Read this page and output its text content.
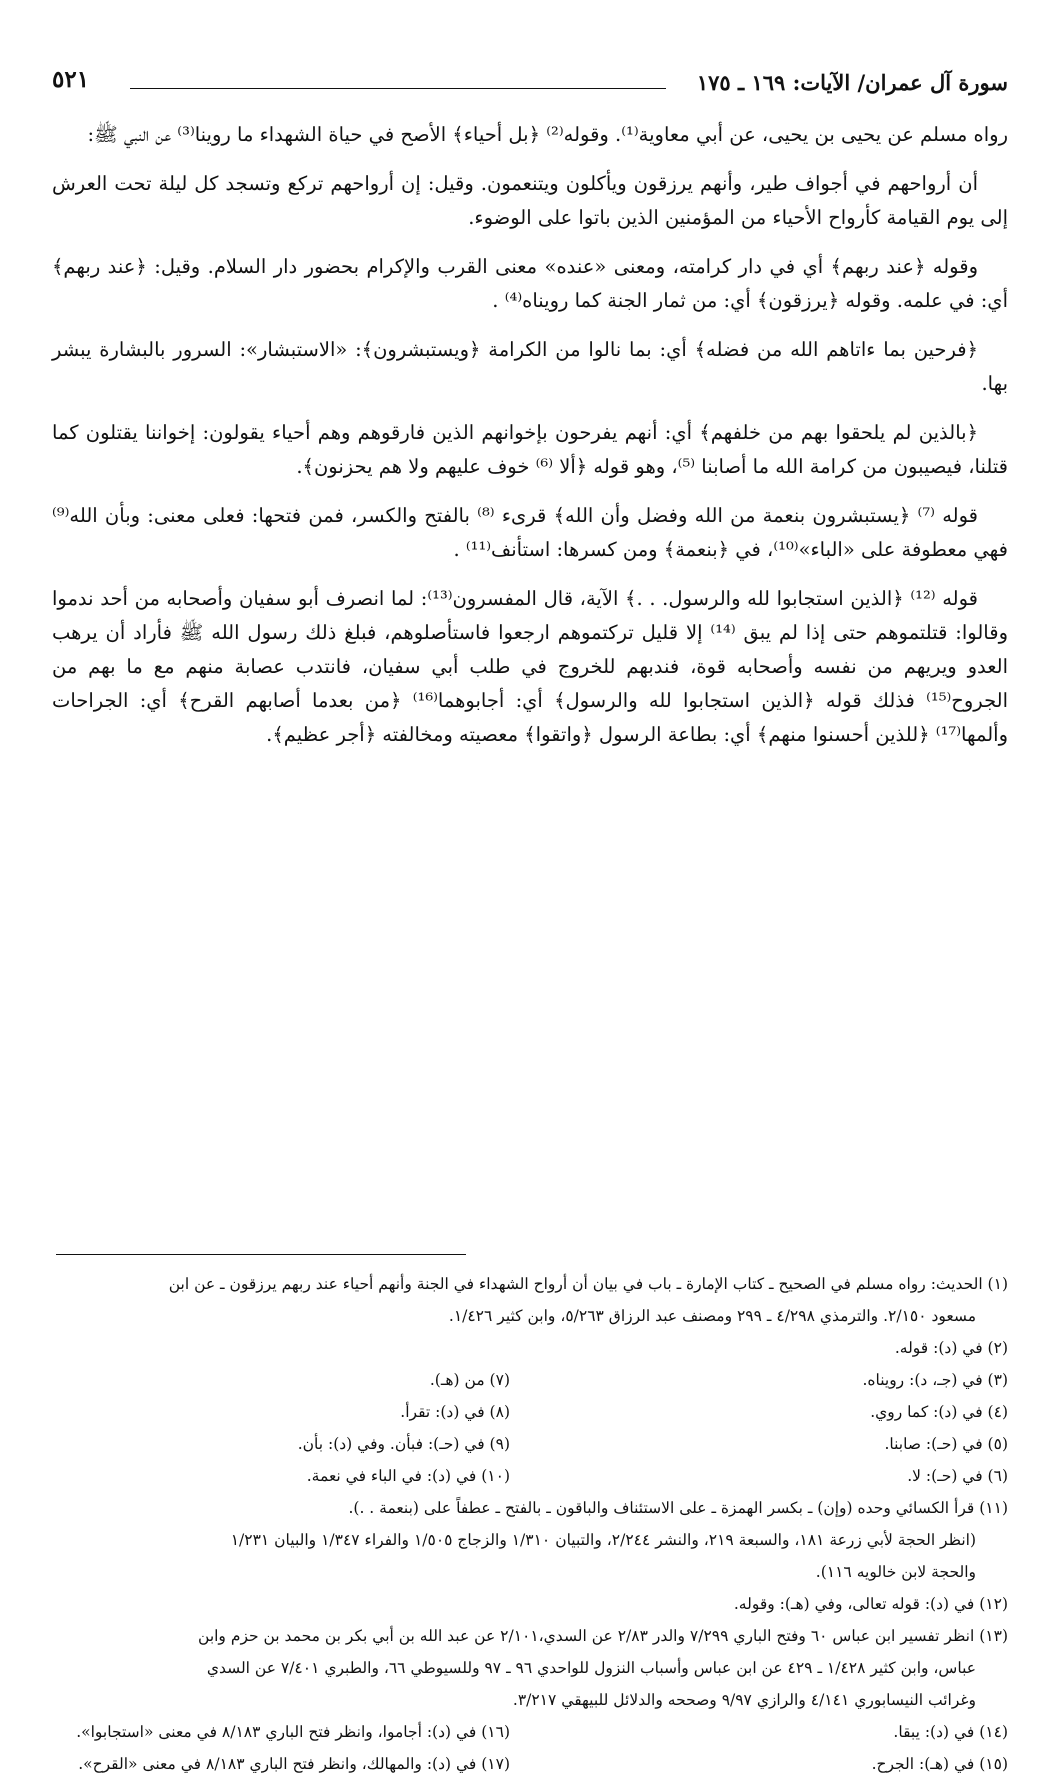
سورة آل عمران/ الآيات: ١٦٩ ـ ١٧٥
٥٢١

رواه مسلم عن يحيى بن يحيى، عن أبي معاوية⁽¹⁾. وقوله⁽²⁾ ﴿بل أحياء﴾ الأصح في حياة الشهداء ما روينا⁽³⁾ عن النبي ﷺ:

أن أرواحهم في أجواف طير، وأنهم يرزقون ويأكلون ويتنعمون. وقيل: إن أرواحهم تركع وتسجد كل ليلة تحت العرش إلى يوم القيامة كأرواح الأحياء من المؤمنين الذين باتوا على الوضوء.

وقوله ﴿عند ربهم﴾ أي في دار كرامته، ومعنى «عنده» معنى القرب والإكرام بحضور دار السلام. وقيل: ﴿عند ربهم﴾ أي: في علمه. وقوله ﴿يرزقون﴾ أي: من ثمار الجنة كما رويناه⁽⁴⁾ .

﴿فرحين بما ءاتاهم الله من فضله﴾ أي: بما نالوا من الكرامة ﴿ويستبشرون﴾: «الاستبشار»: السرور بالبشارة يبشر بها.

﴿بالذين لم يلحقوا بهم من خلفهم﴾ أي: أنهم يفرحون بإخوانهم الذين فارقوهم وهم أحياء يقولون: إخواننا يقتلون كما قتلنا، فيصيبون من كرامة الله ما أصابنا ⁽⁵⁾، وهو قوله ﴿ألا ⁽⁶⁾ خوف عليهم ولا هم يحزنون﴾.

قوله ⁽⁷⁾ ﴿يستبشرون بنعمة من الله وفضل وأن الله﴾ قرىء ⁽⁸⁾ بالفتح والكسر، فمن فتحها: فعلى معنى: وبأن الله⁽⁹⁾ فهي معطوفة على «الباء»⁽¹⁰⁾، في ﴿بنعمة﴾ ومن كسرها: استأنف⁽¹¹⁾ .

قوله ⁽¹²⁾ ﴿الذين استجابوا لله والرسول. . .﴾ الآية، قال المفسرون⁽¹³⁾: لما انصرف أبو سفيان وأصحابه من أحد ندموا وقالوا: قتلتموهم حتى إذا لم يبق ⁽¹⁴⁾ إلا قليل تركتموهم ارجعوا فاستأصلوهم، فبلغ ذلك رسول الله ﷺ فأراد أن يرهب العدو ويريهم من نفسه وأصحابه قوة، فندبهم للخروج في طلب أبي سفيان، فانتدب عصابة منهم مع ما بهم من الجروح⁽¹⁵⁾ فذلك قوله ﴿الذين استجابوا لله والرسول﴾ أي: أجابوهما⁽¹⁶⁾ ﴿من بعدما أصابهم القرح﴾ أي: الجراحات وألمها⁽¹⁷⁾ ﴿للذين أحسنوا منهم﴾ أي: بطاعة الرسول ﴿واتقوا﴾ معصيته ومخالفته ﴿أجر عظيم﴾.

(١) الحديث: رواه مسلم في الصحيح ـ كتاب الإمارة ـ باب في بيان أن أرواح الشهداء في الجنة وأنهم أحياء عند ربهم يرزقون ـ عن ابن

مسعود ٢/١٥٠. والترمذي ٤/٢٩٨ ـ ٢٩٩ ومصنف عبد الرزاق ٥/٢٦٣، وابن كثير ١/٤٢٦.

(٢) في (د): قوله.

(٣) في (جـ، د): رويناه.

(٧) من (هـ).

(٤) في (د): كما روي.

(٨) في (د): تقرأ.

(٥) في (حـ): صابنا.

(٩) في (حـ): فبأن. وفي (د): بأن.

(٦) في (حـ): لا.

(١٠) في (د): في الباء في نعمة.

(١١) قرأ الكسائي وحده (وإن) ـ بكسر الهمزة ـ على الاستئناف والباقون ـ بالفتح ـ عطفاً على (بنعمة . .).

(انظر الحجة لأبي زرعة ١٨١، والسبعة ٢١٩، والنشر ٢/٢٤٤، والتبيان ١/٣١٠ والزجاج ١/٥٠٥ والفراء ١/٣٤٧ والبيان ١/٢٣١

والحجة لابن خالويه ١١٦).

(١٢) في (د): قوله تعالى، وفي (هـ): وقوله.

(١٣) انظر تفسير ابن عباس ٦٠ وفتح الباري ٧/٢٩٩ والدر ٢/٨٣ عن السدي،٢/١٠١ عن عبد الله بن أبي بكر بن محمد بن حزم وابن

عباس، وابن كثير ١/٤٢٨ ـ ٤٢٩ عن ابن عباس وأسباب النزول للواحدي ٩٦ ـ ٩٧ وللسيوطي ٦٦، والطبري ٧/٤٠١ عن السدي

وغرائب النيسابوري ٤/١٤١ والرازي ٩/٩٧ وصححه والدلائل للبيهقي ٣/٢١٧.

(١٤) في (د): يبقا.

(١٦) في (د): أجاموا، وانظر فتح الباري ٨/١٨٣ في معنى «استجابوا».

(١٥) في (هـ): الجرح.

(١٧) في (د): والمهالك، وانظر فتح الباري ٨/١٨٣ في معنى «القرح».
